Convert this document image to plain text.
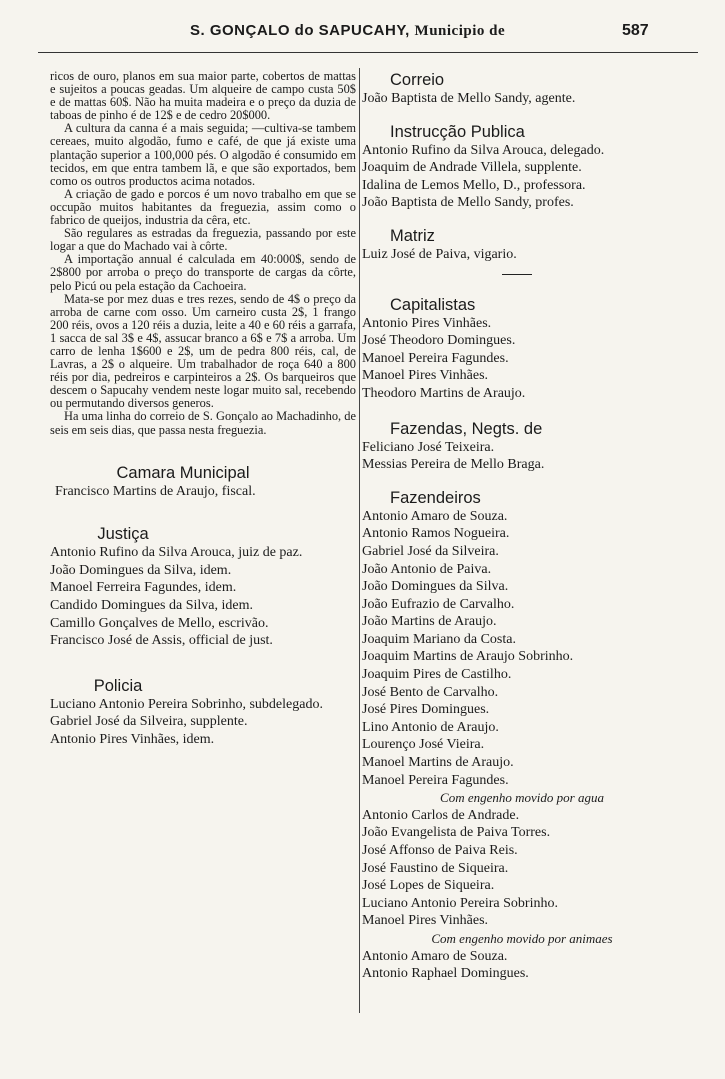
S. GONÇALO do SAPUCAHY, Municipio de	587

ricos de ouro, planos em sua maior parte, cobertos de mattas e sujeitos a poucas geadas. Um alqueire de campo custa 50$ e de mattas 60$. Não ha muita madeira e o preço da duzia de taboas de pinho é de 12$ e de cedro 20$000.

A cultura da canna é a mais seguida; —cultiva-se tambem cereaes, muito algodão, fumo e café, de que já existe uma plantação superior a 100,000 pés. O algodão é consumido em tecidos, em que entra tambem lã, e que são exportados, bem como os outros productos acima notados.

A criação de gado e porcos é um novo trabalho em que se occupão muitos habitantes da freguezia, assim como o fabrico de queijos, industria da cêra, etc.

São regulares as estradas da freguezia, passando por este logar a que do Machado vai à côrte.

A importação annual é calculada em 40:000$, sendo de 2$800 por arroba o preço do transporte de cargas da côrte, pelo Picú ou pela estação da Cachoeira.

Mata-se por mez duas e tres rezes, sendo de 4$ o preço da arroba de carne com osso. Um carneiro custa 2$, 1 frango 200 réis, ovos a 120 réis a duzia, leite a 40 e 60 réis a garrafa, 1 sacca de sal 3$ e 4$, assucar branco a 6$ e 7$ a arroba. Um carro de lenha 1$600 e 2$, um de pedra 800 réis, cal, de Lavras, a 2$ o alqueire. Um trabalhador de roça 640 a 800 réis por dia, pedreiros e carpinteiros a 2$. Os barqueiros que descem o Sapucahy vendem neste logar muito sal, recebendo ou permutando diversos generos.

Ha uma linha do correio de S. Gonçalo ao Machadinho, de seis em seis dias, que passa nesta freguezia.

Camara Municipal

Francisco Martins de Araujo, fiscal.

Justiça

Antonio Rufino da Silva Arouca, juiz de paz.

João Domingues da Silva, idem.

Manoel Ferreira Fagundes, idem.

Candido Domingues da Silva, idem.

Camillo Gonçalves de Mello, escrivão.

Francisco José de Assis, official de just.

Policia

Luciano Antonio Pereira Sobrinho, subdelegado.

Gabriel José da Silveira, supplente.

Antonio Pires Vinhães, idem.

Correio

João Baptista de Mello Sandy, agente.

Instrucção Publica

Antonio Rufino da Silva Arouca, delegado.

Joaquim de Andrade Villela, supplente.

Idalina de Lemos Mello, D., professora.

João Baptista de Mello Sandy, profes.

Matriz

Luiz José de Paiva, vigario.

Capitalistas

Antonio Pires Vinhães.

José Theodoro Domingues.

Manoel Pereira Fagundes.

Manoel Pires Vinhães.

Theodoro Martins de Araujo.

Fazendas, Negts. de

Feliciano José Teixeira.

Messias Pereira de Mello Braga.

Fazendeiros

Antonio Amaro de Souza.

Antonio Ramos Nogueira.

Gabriel José da Silveira.

João Antonio de Paiva.

João Domingues da Silva.

João Eufrazio de Carvalho.

João Martins de Araujo.

Joaquim Mariano da Costa.

Joaquim Martins de Araujo Sobrinho.

Joaquim Pires de Castilho.

José Bento de Carvalho.

José Pires Domingues.

Lino Antonio de Araujo.

Lourenço José Vieira.

Manoel Martins de Araujo.

Manoel Pereira Fagundes.

Com engenho movido por agua

Antonio Carlos de Andrade.

João Evangelista de Paiva Torres.

José Affonso de Paiva Reis.

José Faustino de Siqueira.

José Lopes de Siqueira.

Luciano Antonio Pereira Sobrinho.

Manoel Pires Vinhães.

Com engenho movido por animaes

Antonio Amaro de Souza.

Antonio Raphael Domingues.
